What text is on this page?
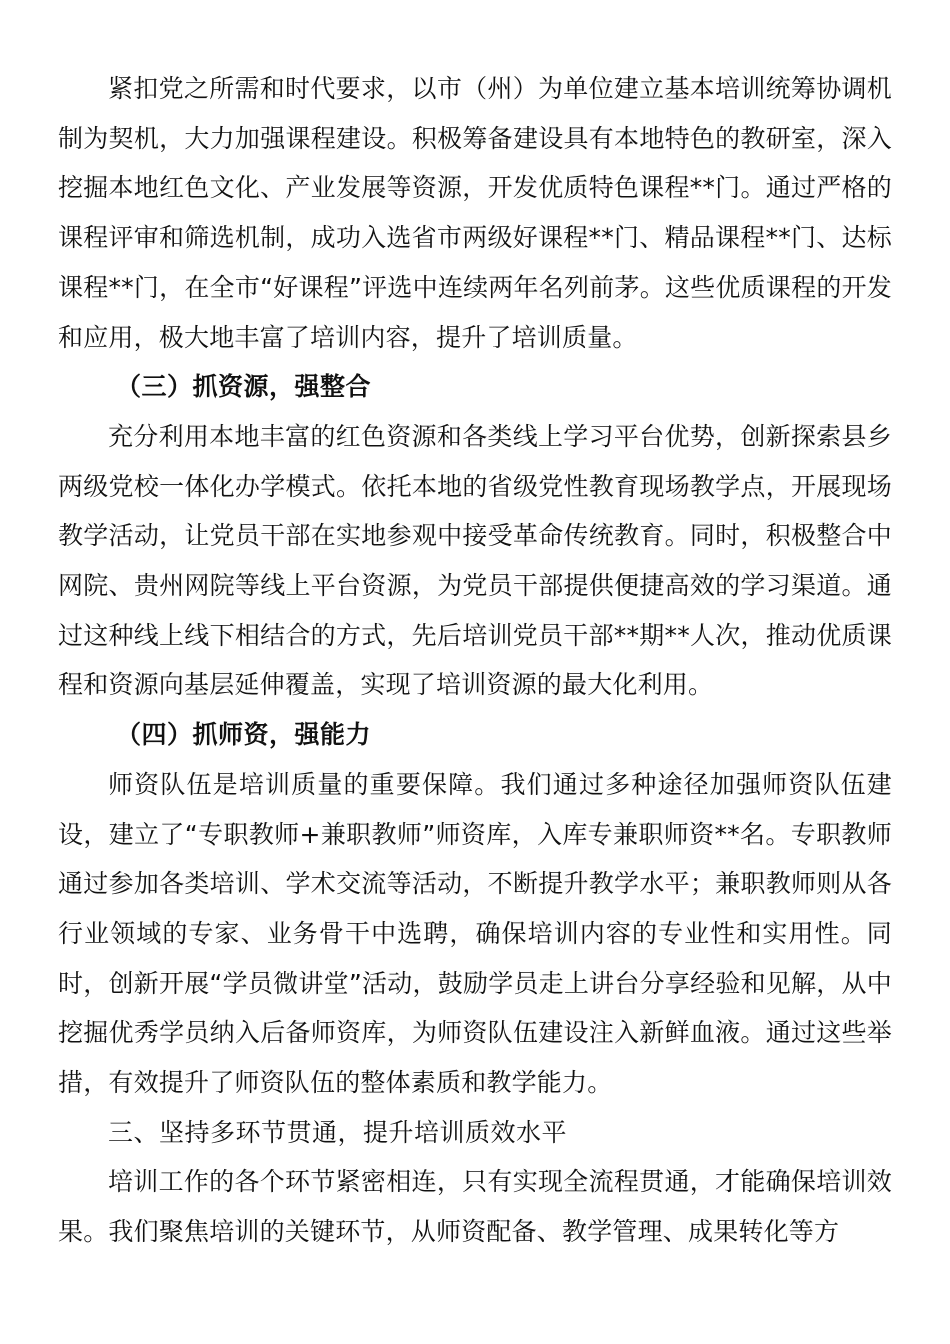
紧扣党之所需和时代要求，以市（州）为单位建立基本培训统筹协调机制为契机，大力加强课程建设。积极筹备建设具有本地特色的教研室，深入挖掘本地红色文化、产业发展等资源，开发优质特色课程**门。通过严格的课程评审和筛选机制，成功入选省市两级好课程**门、精品课程**门、达标课程**门，在全市“好课程”评选中连续两年名列前茅。这些优质课程的开发和应用，极大地丰富了培训内容，提升了培训质量。

（三）抓资源，强整合

充分利用本地丰富的红色资源和各类线上学习平台优势，创新探索县乡两级党校一体化办学模式。依托本地的省级党性教育现场教学点，开展现场教学活动，让党员干部在实地参观中接受革命传统教育。同时，积极整合中网院、贵州网院等线上平台资源，为党员干部提供便捷高效的学习渠道。通过这种线上线下相结合的方式，先后培训党员干部**期**人次，推动优质课程和资源向基层延伸覆盖，实现了培训资源的最大化利用。

（四）抓师资，强能力

师资队伍是培训质量的重要保障。我们通过多种途径加强师资队伍建设，建立了“专职教师+兼职教师”师资库，入库专兼职师资**名。专职教师通过参加各类培训、学术交流等活动，不断提升教学水平；兼职教师则从各行业领域的专家、业务骨干中选聘，确保培训内容的专业性和实用性。同时，创新开展“学员微讲堂”活动，鼓励学员走上讲台分享经验和见解，从中挖掘优秀学员纳入后备师资库，为师资队伍建设注入新鲜血液。通过这些举措，有效提升了师资队伍的整体素质和教学能力。

三、坚持多环节贯通，提升培训质效水平

培训工作的各个环节紧密相连，只有实现全流程贯通，才能确保培训效果。我们聚焦培训的关键环节，从师资配备、教学管理、成果转化等方
